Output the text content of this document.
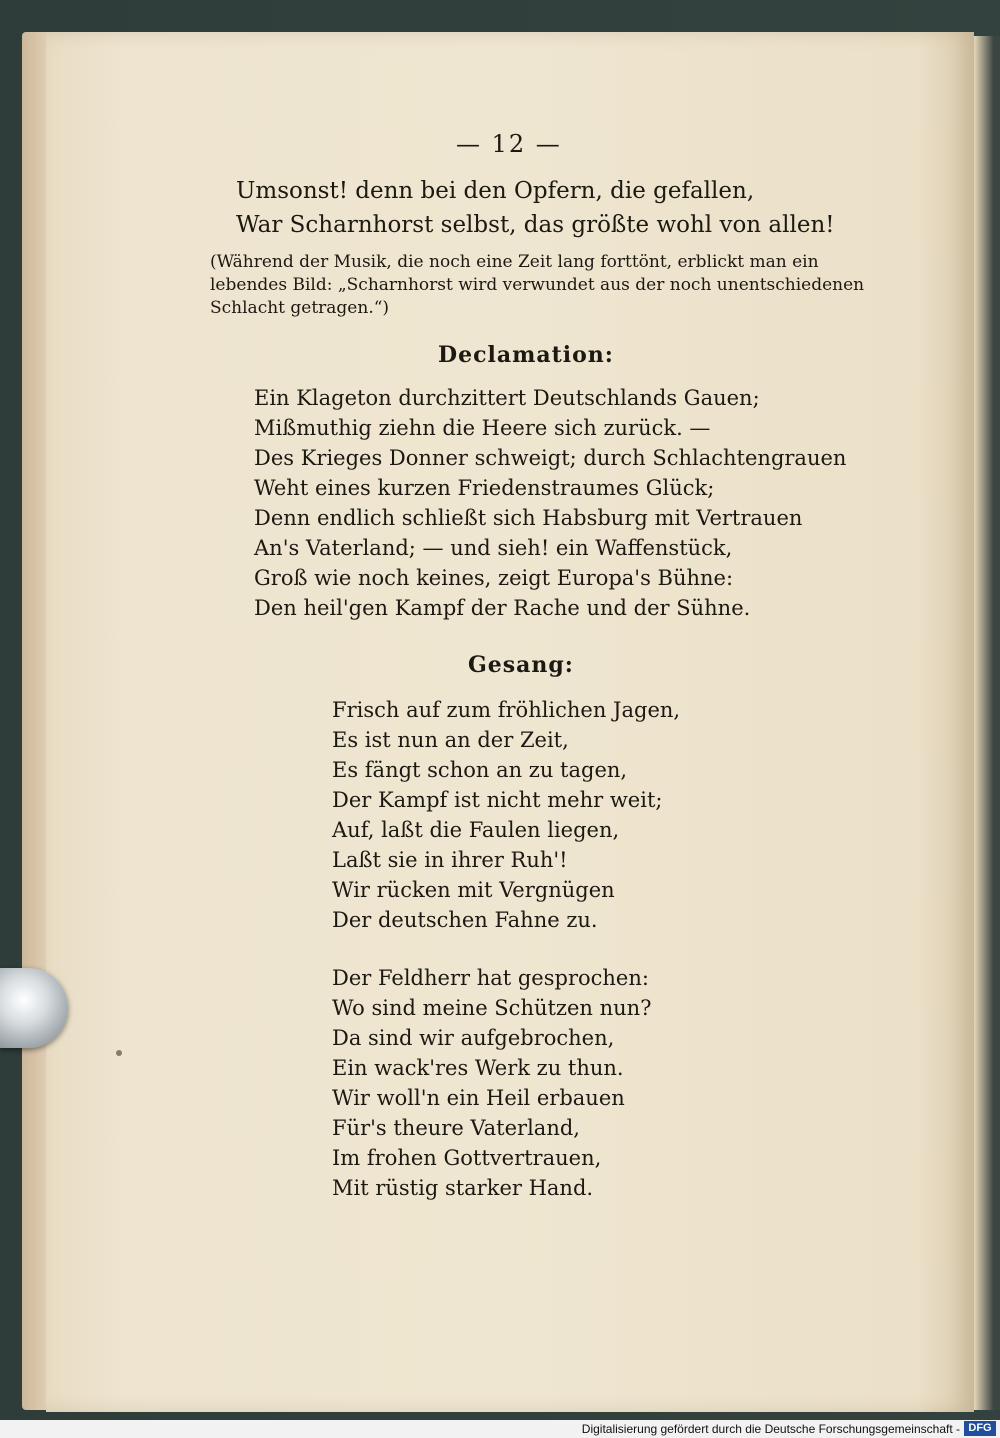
— 12 —
Umsonst! denn bei den Opfern, die gefallen,
War Scharnhorst selbst, das größte wohl von allen!
(Während der Musik, die noch eine Zeit lang forttönt, erblickt man ein
lebendes Bild: „Scharnhorst wird verwundet aus der noch unentschiedenen
Schlacht getragen.“)
Declamation:
Ein Klageton durchzittert Deutschlands Gauen;
Mißmuthig ziehn die Heere sich zurück. —
Des Krieges Donner schweigt; durch Schlachtengrauen
Weht eines kurzen Friedenstraumes Glück;
Denn endlich schließt sich Habsburg mit Vertrauen
An's Vaterland; — und sieh! ein Waffenstück,
Groß wie noch keines, zeigt Europa's Bühne:
Den heil'gen Kampf der Rache und der Sühne.
Gesang:
Frisch auf zum fröhlichen Jagen,
Es ist nun an der Zeit,
Es fängt schon an zu tagen,
Der Kampf ist nicht mehr weit;
Auf, laßt die Faulen liegen,
Laßt sie in ihrer Ruh'!
Wir rücken mit Vergnügen
Der deutschen Fahne zu.
Der Feldherr hat gesprochen:
Wo sind meine Schützen nun?
Da sind wir aufgebrochen,
Ein wack'res Werk zu thun.
Wir woll'n ein Heil erbauen
Für's theure Vaterland,
Im frohen Gottvertrauen,
Mit rüstig starker Hand.
Digitalisierung gefördert durch die Deutsche Forschungsgemeinschaft - DFG
